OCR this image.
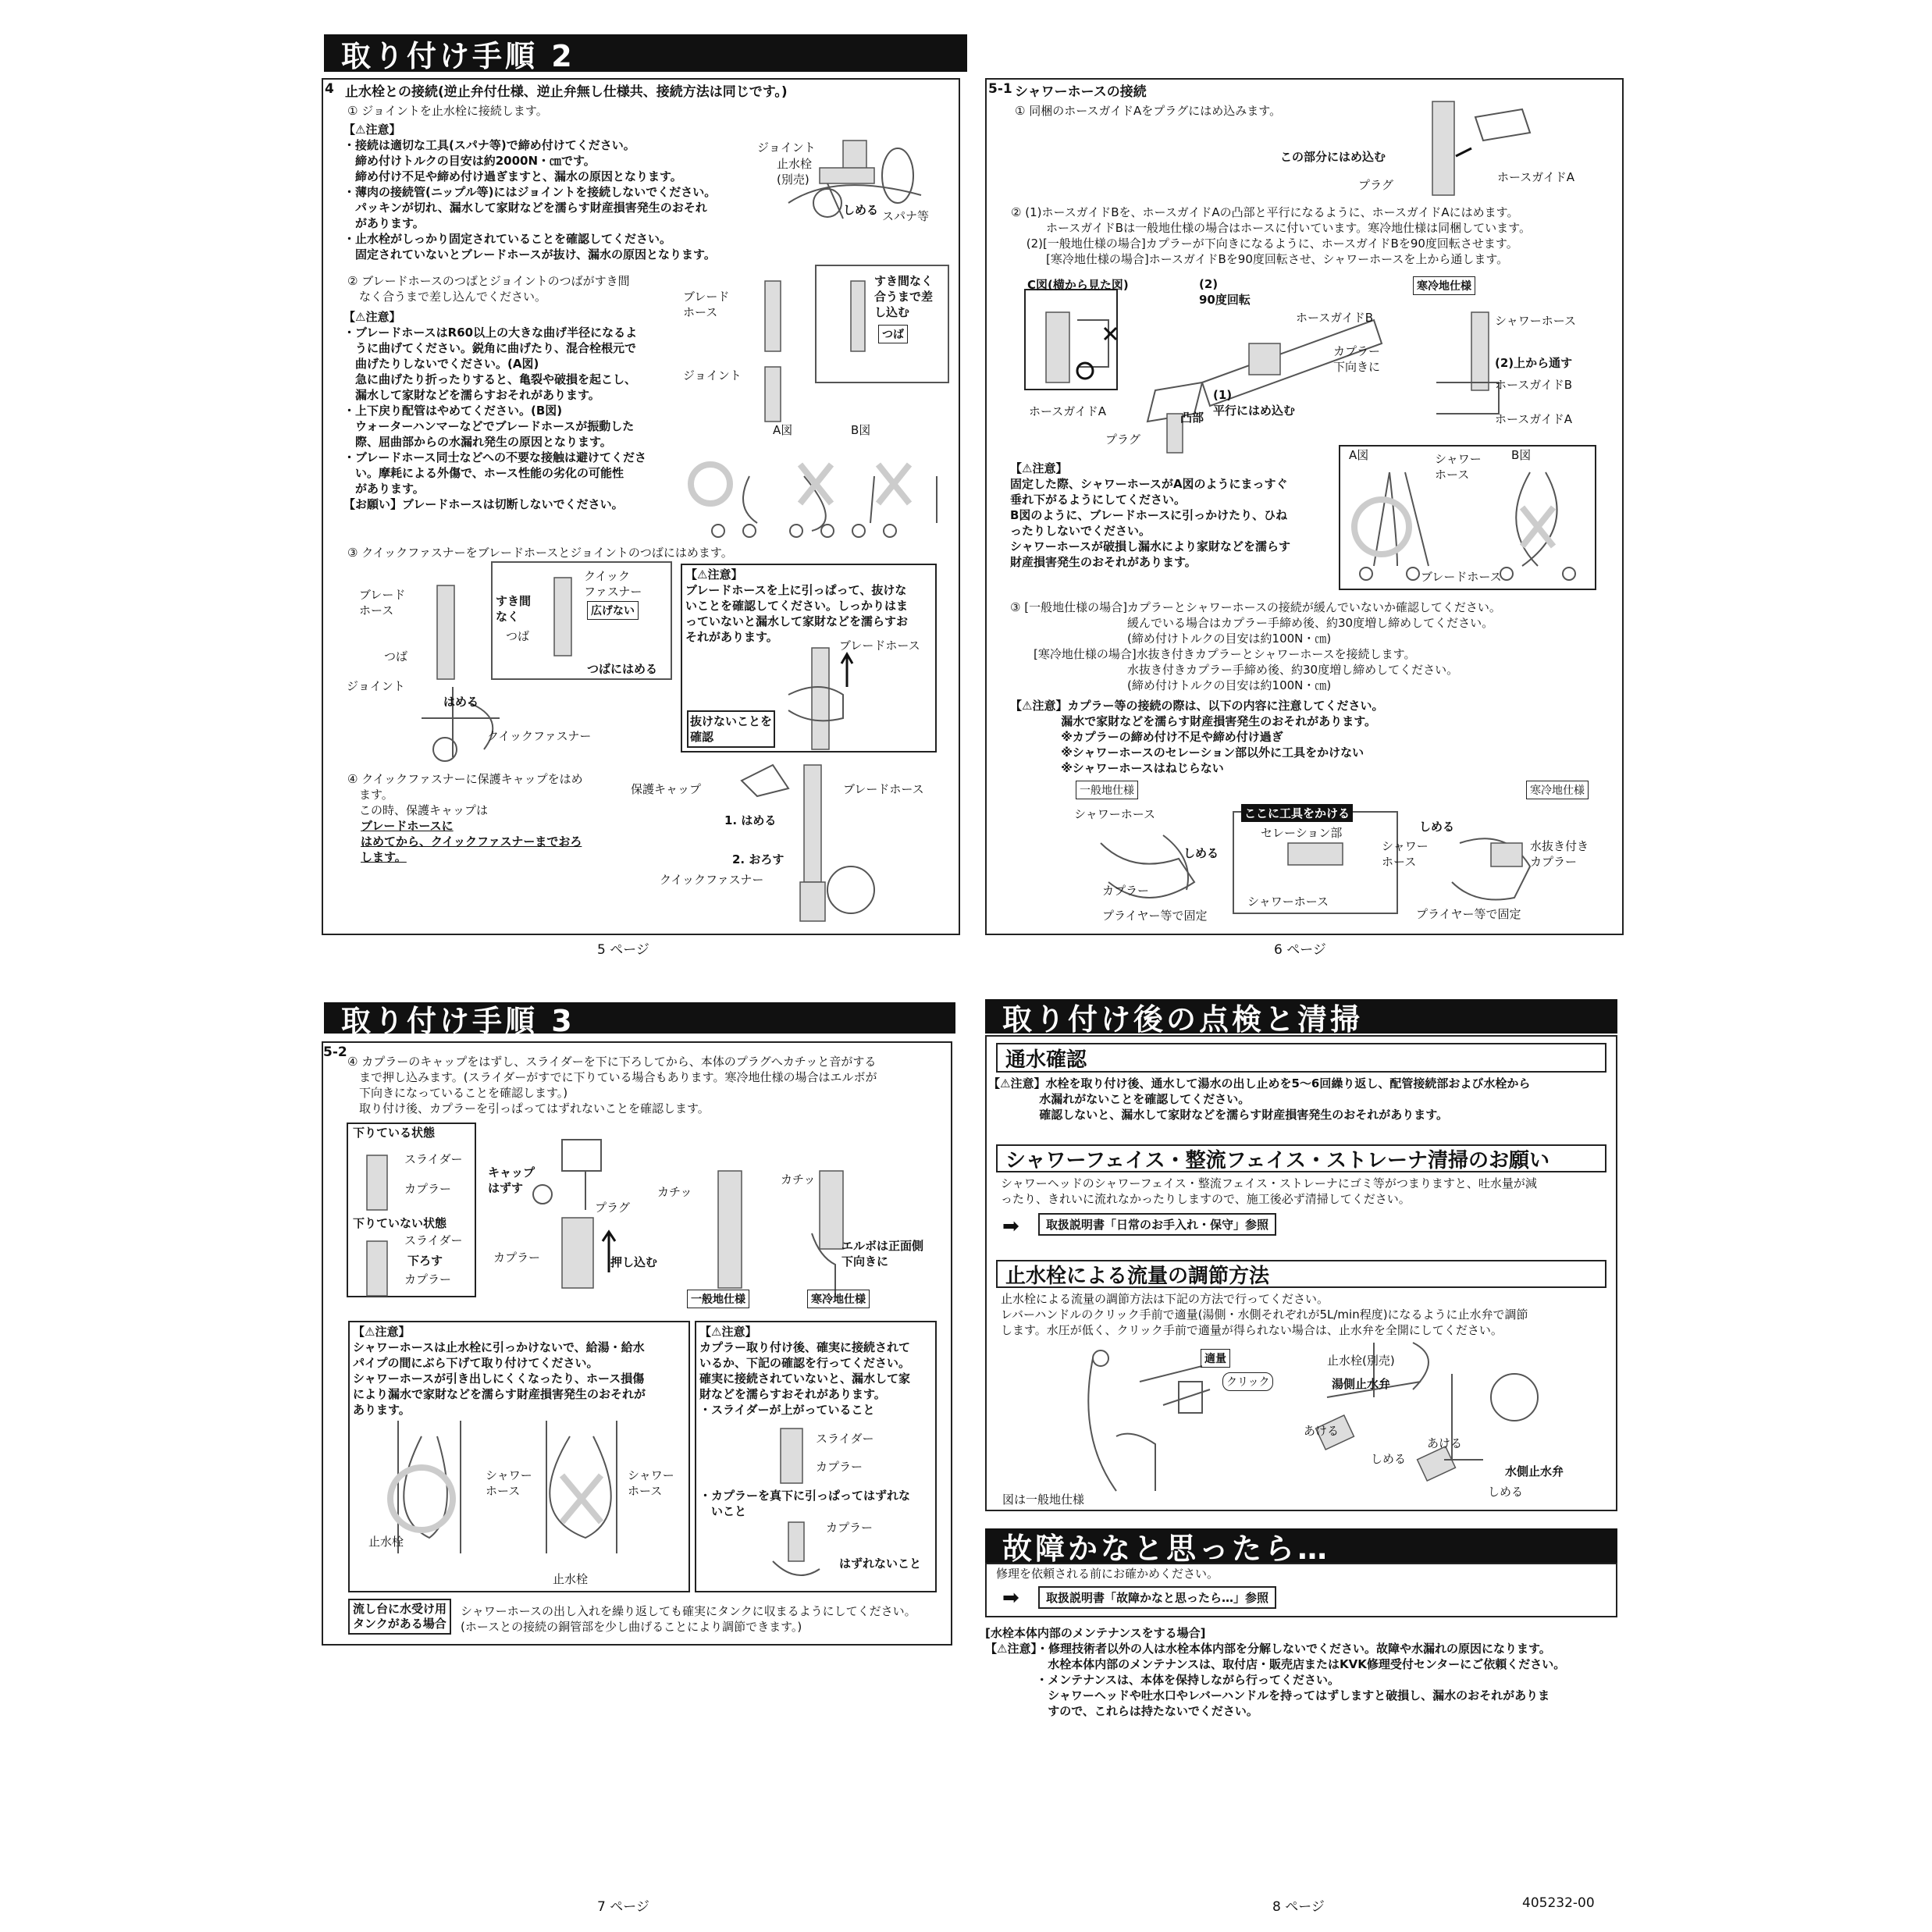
取り付け手順 2
4 止水栓との接続(逆止弁付仕様、逆止弁無し仕様共、接続方法は同じです。)
① ジョイントを止水栓に接続します。
【⚠注意】
・接続は適切な工具(スパナ等)で締め付けてください。
　締め付けトルクの目安は約2000N・㎝です。
　締め付け不足や締め付け過ぎますと、漏水の原因となります。
・薄肉の接続管(ニップル等)にはジョイントを接続しないでください。
　パッキンが切れ、漏水して家財などを濡らす財産損害発生のおそれ
　があります。
・止水栓がしっかり固定されていることを確認してください。
　固定されていないとブレードホースが抜け、漏水の原因となります。
ジョイント
止水栓
(別売)
しめる スパナ等
② ブレードホースのつばとジョイントのつばがすき間
　なく合うまで差し込んでください。
【⚠注意】
・ブレードホースはR60以上の大きな曲げ半径になるよ
　うに曲げてください。鋭角に曲げたり、混合栓根元で
　曲げたりしないでください。(A図)
　急に曲げたり折ったりすると、亀裂や破損を起こし、
　漏水して家財などを濡らすおそれがあります。
・上下戻り配管はやめてください。(B図)
　ウォーターハンマーなどでブレードホースが振動した
　際、屈曲部からの水漏れ発生の原因となります。
・ブレードホース同士などへの不要な接触は避けてくださ
　い。摩耗による外傷で、ホース性能の劣化の可能性
　があります。
【お願い】ブレードホースは切断しないでください。
ブレード
ホース
すき間なく
合うまで差
し込む
つば
ジョイント
A図	B図
③ クイックファスナーをブレードホースとジョイントのつばにはめます。
ブレード
ホース
すき間
なく
クイック
ファスナー
広げない
つば
つばにはめる
つば
ジョイント
はめる
クイックファスナー
【⚠注意】
ブレードホースを上に引っぱって、抜けな
いことを確認してください。しっかりはま
っていないと漏水して家財などを濡らすお
それがあります。
ブレードホース
抜けないことを
確認
④ クイックファスナーに保護キャップをはめ
　ます。
　この時、保護キャップは
ブレードホースに
はめてから、クイックファスナーまでおろ
します。
保護キャップ	ブレードホース
1. はめる
2. おろす
クイックファスナー
5 ページ
5-1 シャワーホースの接続
① 同梱のホースガイドAをプラグにはめ込みます。
この部分にはめ込む
ホースガイドA
プラグ
② (1)ホースガイドBを、ホースガイドAの凸部と平行になるように、ホースガイドAにはめます。
　　　ホースガイドBは一般地仕様の場合はホースに付いています。寒冷地仕様は同梱しています。
　 (2)[一般地仕様の場合]カプラーが下向きになるように、ホースガイドBを90度回転させます。
　　　[寒冷地仕様の場合]ホースガイドBを90度回転させ、シャワーホースを上から通します。
C図(横から見た図)	(2)
90度回転
ホースガイドB
カプラー
下向きに
ホースガイドA
(1)
平行にはめ込む
凸部
プラグ
寒冷地仕様
シャワーホース
(2)上から通す
ホースガイドB
ホースガイドA
【⚠注意】
固定した際、シャワーホースがA図のようにまっすぐ
垂れ下がるようにしてください。
B図のように、ブレードホースに引っかけたり、ひね
ったりしないでください。
シャワーホースが破損し漏水により家財などを濡らす
財産損害発生のおそれがあります。
A図	シャワー
ホース
B図
ブレードホース
③ [一般地仕様の場合]カプラーとシャワーホースの接続が緩んでいないか確認してください。
　　　　　　　　　　緩んでいる場合はカプラー手締め後、約30度増し締めしてください。
　　　　　　　　　　(締め付けトルクの目安は約100N・㎝)
　　[寒冷地仕様の場合]水抜き付きカプラーとシャワーホースを接続します。
　　　　　　　　　　水抜き付きカプラー手締め後、約30度増し締めしてください。
　　　　　　　　　　(締め付けトルクの目安は約100N・㎝)
【⚠注意】カプラー等の接続の際は、以下の内容に注意してください。
　　　　 漏水で家財などを濡らす財産損害発生のおそれがあります。
　　　　 ※カプラーの締め付け不足や締め付け過ぎ
　　　　 ※シャワーホースのセレーション部以外に工具をかけない
　　　　 ※シャワーホースはねじらない
一般地仕様
シャワーホース
しめる
カプラー
プライヤー等で固定
ここに工具をかける
セレーション部
シャワーホース
寒冷地仕様
しめる
シャワー
ホース
水抜き付き
カプラー
プライヤー等で固定
6 ページ
取り付け手順 3
5-2
④ カプラーのキャップをはずし、スライダーを下に下ろしてから、本体のプラグへカチッと音がする
　まで押し込みます。(スライダーがすでに下りている場合もあります。寒冷地仕様の場合はエルボが
　下向きになっていることを確認します。)
　取り付け後、カプラーを引っぱってはずれないことを確認します。
下りている状態
スライダー
カプラー
下りていない状態
スライダー
下ろす
カプラー
キャップ
はずす
プラグ
カプラー	押し込む
カチッ
カチッ
エルボは正面側
下向きに
一般地仕様	寒冷地仕様
【⚠注意】
シャワーホースは止水栓に引っかけないで、給湯・給水
パイプの間にぶら下げて取り付けてください。
シャワーホースが引き出しにくくなったり、ホース損傷
により漏水で家財などを濡らす財産損害発生のおそれが
あります。
シャワー
ホース
シャワー
ホース
止水栓
止水栓
【⚠注意】
カプラー取り付け後、確実に接続されて
いるか、下記の確認を行ってください。
確実に接続されていないと、漏水して家
財などを濡らすおそれがあります。
・スライダーが上がっていること
スライダー
カプラー
・カプラーを真下に引っぱってはずれな
　いこと
カプラー
はずれないこと
流し台に水受け用
タンクがある場合
シャワーホースの出し入れを繰り返しても確実にタンクに収まるようにしてください。
(ホースとの接続の銅管部を少し曲げることにより調節できます。)
7 ページ
取り付け後の点検と清掃
通水確認
【⚠注意】水栓を取り付け後、通水して湯水の出し止めを5～6回繰り返し、配管接続部および水栓から
　　　　 水漏れがないことを確認してください。
　　　　 確認しないと、漏水して家財などを濡らす財産損害発生のおそれがあります。
シャワーフェイス・整流フェイス・ストレーナ清掃のお願い
シャワーヘッドのシャワーフェイス・整流フェイス・ストレーナにゴミ等がつまりますと、吐水量が減
ったり、きれいに流れなかったりしますので、施工後必ず清掃してください。
➡	取扱説明書「日常のお手入れ・保守」参照
止水栓による流量の調節方法
止水栓による流量の調節方法は下記の方法で行ってください。
レバーハンドルのクリック手前で適量(湯側・水側それぞれが5L/min程度)になるように止水弁で調節
します。水圧が低く、クリック手前で適量が得られない場合は、止水弁を全開にしてください。
適量
クリック
図は一般地仕様
止水栓(別売)
湯側止水弁
あける
しめる
あける
水側止水弁
しめる
故障かなと思ったら…
修理を依頼される前にお確かめください。
➡	取扱説明書「故障かなと思ったら…」参照
[水栓本体内部のメンテナンスをする場合]
【⚠注意】・修理技術者以外の人は水栓本体内部を分解しないでください。故障や水漏れの原因になります。
　　　　 　水栓本体内部のメンテナンスは、取付店・販売店またはKVK修理受付センターにご依頼ください。
　　　　 ・メンテナンスは、本体を保持しながら行ってください。
　　　　 　シャワーヘッドや吐水口やレバーハンドルを持ってはずしますと破損し、漏水のおそれがありま
　　　　 　すので、これらは持たないでください。
8 ページ	405232-00
